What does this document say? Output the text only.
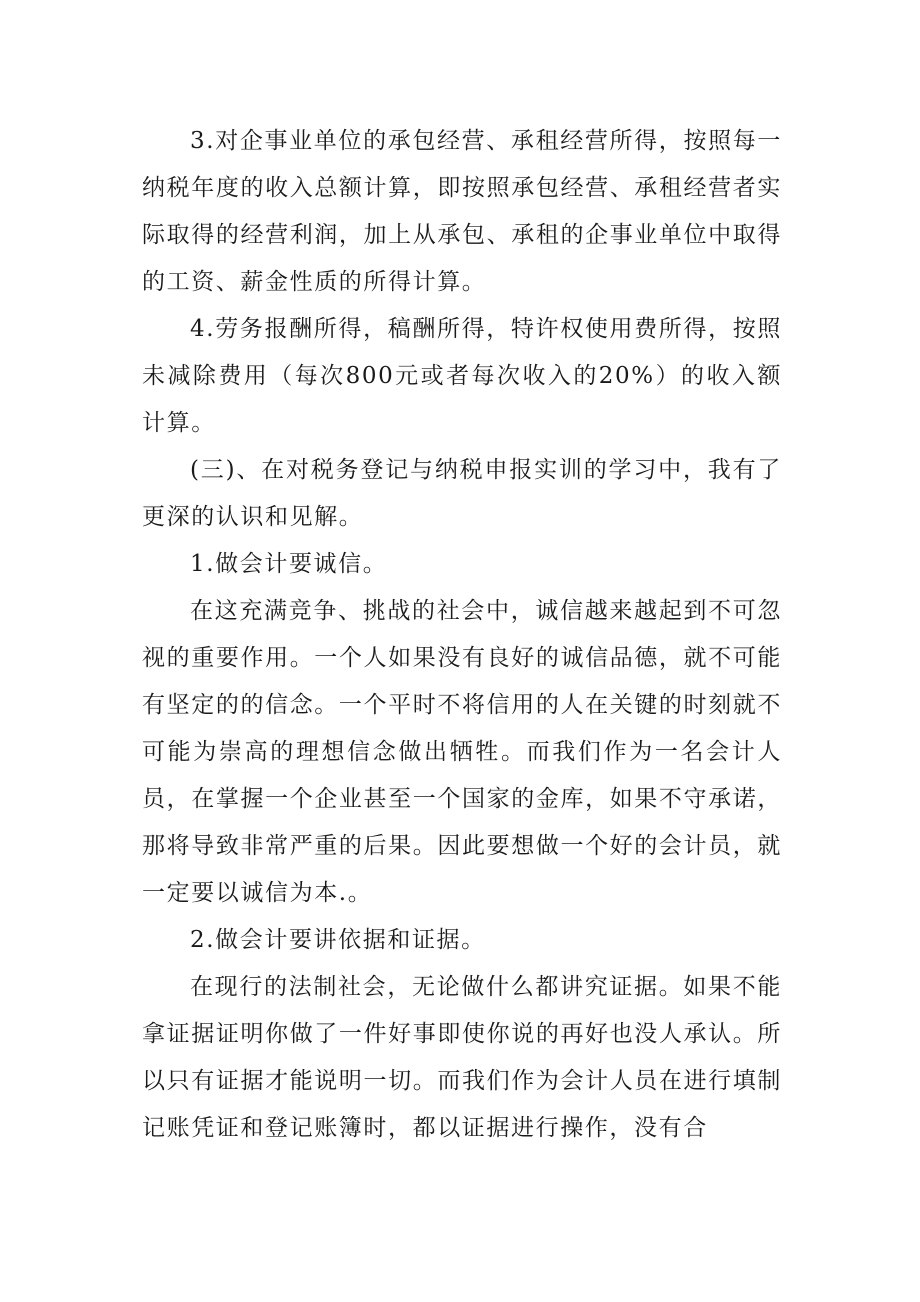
3.对企事业单位的承包经营、承租经营所得，按照每一纳税年度的收入总额计算，即按照承包经营、承租经营者实际取得的经营利润，加上从承包、承租的企事业单位中取得的工资、薪金性质的所得计算。

4.劳务报酬所得，稿酬所得，特许权使用费所得，按照未减除费用（每次800元或者每次收入的20%）的收入额计算。

(三)、在对税务登记与纳税申报实训的学习中，我有了更深的认识和见解。

1.做会计要诚信。

在这充满竞争、挑战的社会中，诚信越来越起到不可忽视的重要作用。一个人如果没有良好的诚信品德，就不可能有坚定的的信念。一个平时不将信用的人在关键的时刻就不可能为崇高的理想信念做出牺牲。而我们作为一名会计人员，在掌握一个企业甚至一个国家的金库，如果不守承诺，那将导致非常严重的后果。因此要想做一个好的会计员，就一定要以诚信为本.。

2.做会计要讲依据和证据。

在现行的法制社会，无论做什么都讲究证据。如果不能拿证据证明你做了一件好事即使你说的再好也没人承认。所以只有证据才能说明一切。而我们作为会计人员在进行填制记账凭证和登记账簿时，都以证据进行操作，没有合
